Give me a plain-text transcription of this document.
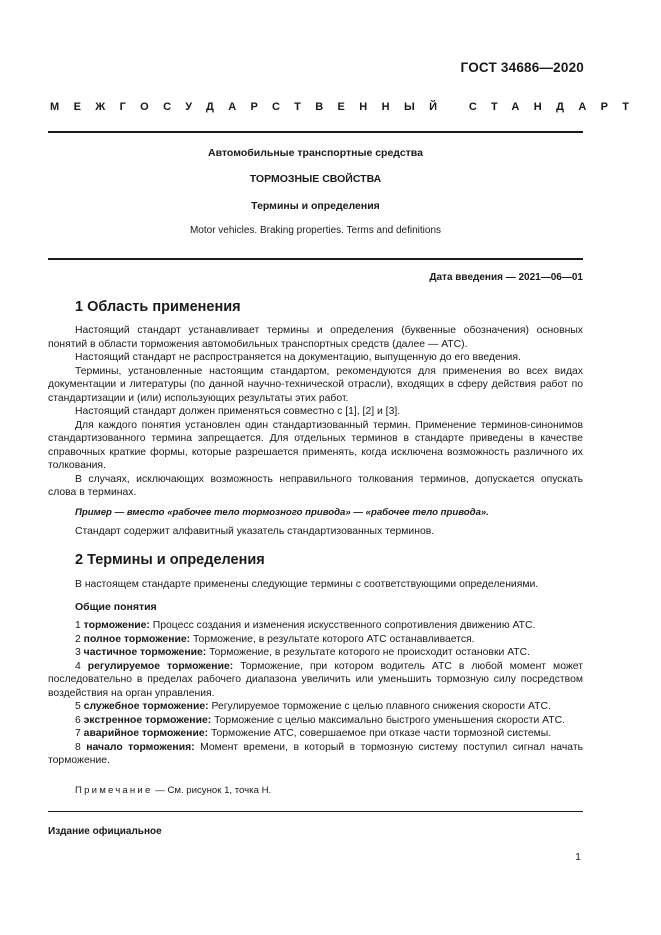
ГОСТ 34686—2020
МЕЖГОСУДАРСТВЕННЫЙ СТАНДАРТ
Автомобильные транспортные средства
ТОРМОЗНЫЕ СВОЙСТВА
Термины и определения
Motor vehicles. Braking properties. Terms and definitions
Дата введения — 2021—06—01
1 Область применения

Настоящий стандарт устанавливает термины и определения (буквенные обозначения) основных понятий в области торможения автомобильных транспортных средств (далее — АТС).

Настоящий стандарт не распространяется на документацию, выпущенную до его введения.

Термины, установленные настоящим стандартом, рекомендуются для применения во всех видах документации и литературы (по данной научно-технической отрасли), входящих в сферу действия работ по стандартизации и (или) использующих результаты этих работ.

Настоящий стандарт должен применяться совместно с [1], [2] и [3].

Для каждого понятия установлен один стандартизованный термин. Применение терминов-синонимов стандартизованного термина запрещается. Для отдельных терминов в стандарте приведены в качестве справочных краткие формы, которые разрешается применять, когда исключена возможность различного их толкования.

В случаях, исключающих возможность неправильного толкования терминов, допускается опускать слова в терминах.

Пример — вместо «рабочее тело тормозного привода» — «рабочее тело привода».

Стандарт содержит алфавитный указатель стандартизованных терминов.

2 Термины и определения

В настоящем стандарте применены следующие термины с соответствующими определениями.

Общие понятия

1 торможение: Процесс создания и изменения искусственного сопротивления движению АТС.

2 полное торможение: Торможение, в результате которого АТС останавливается.

3 частичное торможение: Торможение, в результате которого не происходит остановки АТС.

4 регулируемое торможение: Торможение, при котором водитель АТС в любой момент может последовательно в пределах рабочего диапазона увеличить или уменьшить тормозную силу посредством воздействия на орган управления.

5 служебное торможение: Регулируемое торможение с целью плавного снижения скорости АТС.

6 экстренное торможение: Торможение с целью максимально быстрого уменьшения скорости АТС.

7 аварийное торможение: Торможение АТС, совершаемое при отказе части тормозной системы.

8 начало торможения: Момент времени, в который в тормозную систему поступил сигнал начать торможение.

Примечание — См. рисунок 1, точка Н.
Издание официальное
1
